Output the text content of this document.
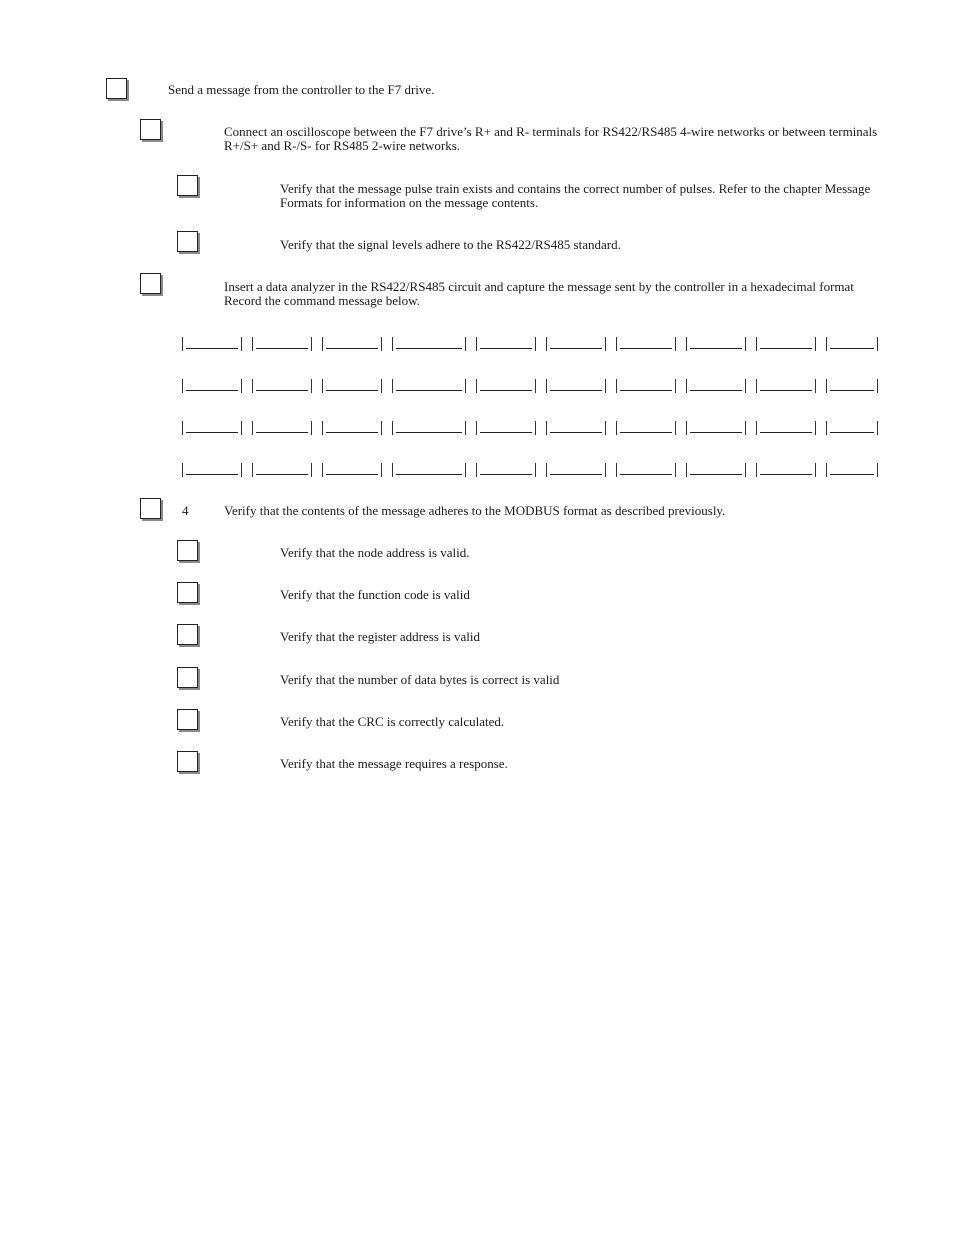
Send a message from the controller to the F7 drive.
Connect an oscilloscope between the F7 drive’s R+ and R- terminals for RS422/RS485 4-wire networks or between terminals R+/S+ and R-/S- for RS485 2-wire networks.
Verify that the message pulse train exists and contains the correct number of pulses. Refer to the chapter Message Formats for information on the message contents.
Verify that the signal levels adhere to the RS422/RS485 standard.
Insert a data analyzer in the RS422/RS485 circuit and capture the message sent by the controller in a hexadecimal format Record the command message below.
4	Verify that the contents of the message adheres to the MODBUS format as described previously.
Verify that the node address is valid.
Verify that the function code is valid
Verify that the register address is valid
Verify that the number of data bytes is correct is valid
Verify that the CRC is correctly calculated.
Verify that the message requires a response.
